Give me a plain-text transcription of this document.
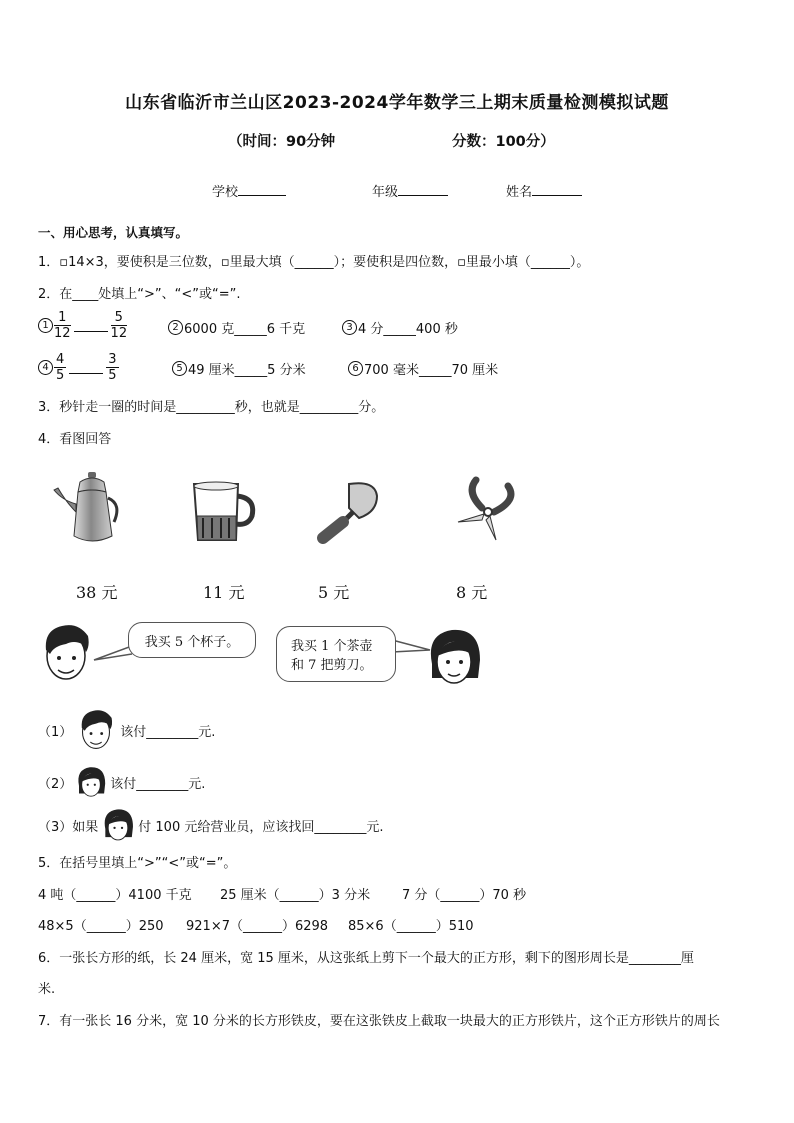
山东省临沂市兰山区2023-2024学年数学三上期末质量检测模拟试题
（时间：90分钟	分数：100分）
学校	年级	姓名
一、用心思考，认真填写。
1．▫14×3，要使积是三位数，▫里最大填（______）；要使积是四位数，▫里最小填（______）。
2．在____处填上“>”、“<”或“=”.
$1 \frac{1}{12}$	$\frac{5}{12}$	2 6000 克_____6 千克	3 4 分_____400 秒
$4 \frac{4}{5}$	$\frac{3}{5}$	5 49 厘米_____5 分米	6 700 毫米_____70 厘米
3．秒针走一圈的时间是_________秒，也就是_________分。
4．看图回答
38 元	11 元	5 元	8 元
我买 5 个杯子。	我买 1 个茶壶
和 7 把剪刀。
（1）	该付________元.
（2）	该付________元.
（3）如果	付 100 元给营业员，应该找回________元.
5．在括号里填上“>”“<”或“=”。
4 吨（______）4100 千克 25 厘米（______）3 分米 7 分（______）70 秒
48×5（______）250 921×7（______）6298 85×6（______）510
6．一张长方形的纸，长 24 厘米，宽 15 厘米，从这张纸上剪下一个最大的正方形，剩下的图形周长是________厘
米.
7．有一张长 16 分米，宽 10 分米的长方形铁皮，要在这张铁皮上截取一块最大的正方形铁片，这个正方形铁片的周长
